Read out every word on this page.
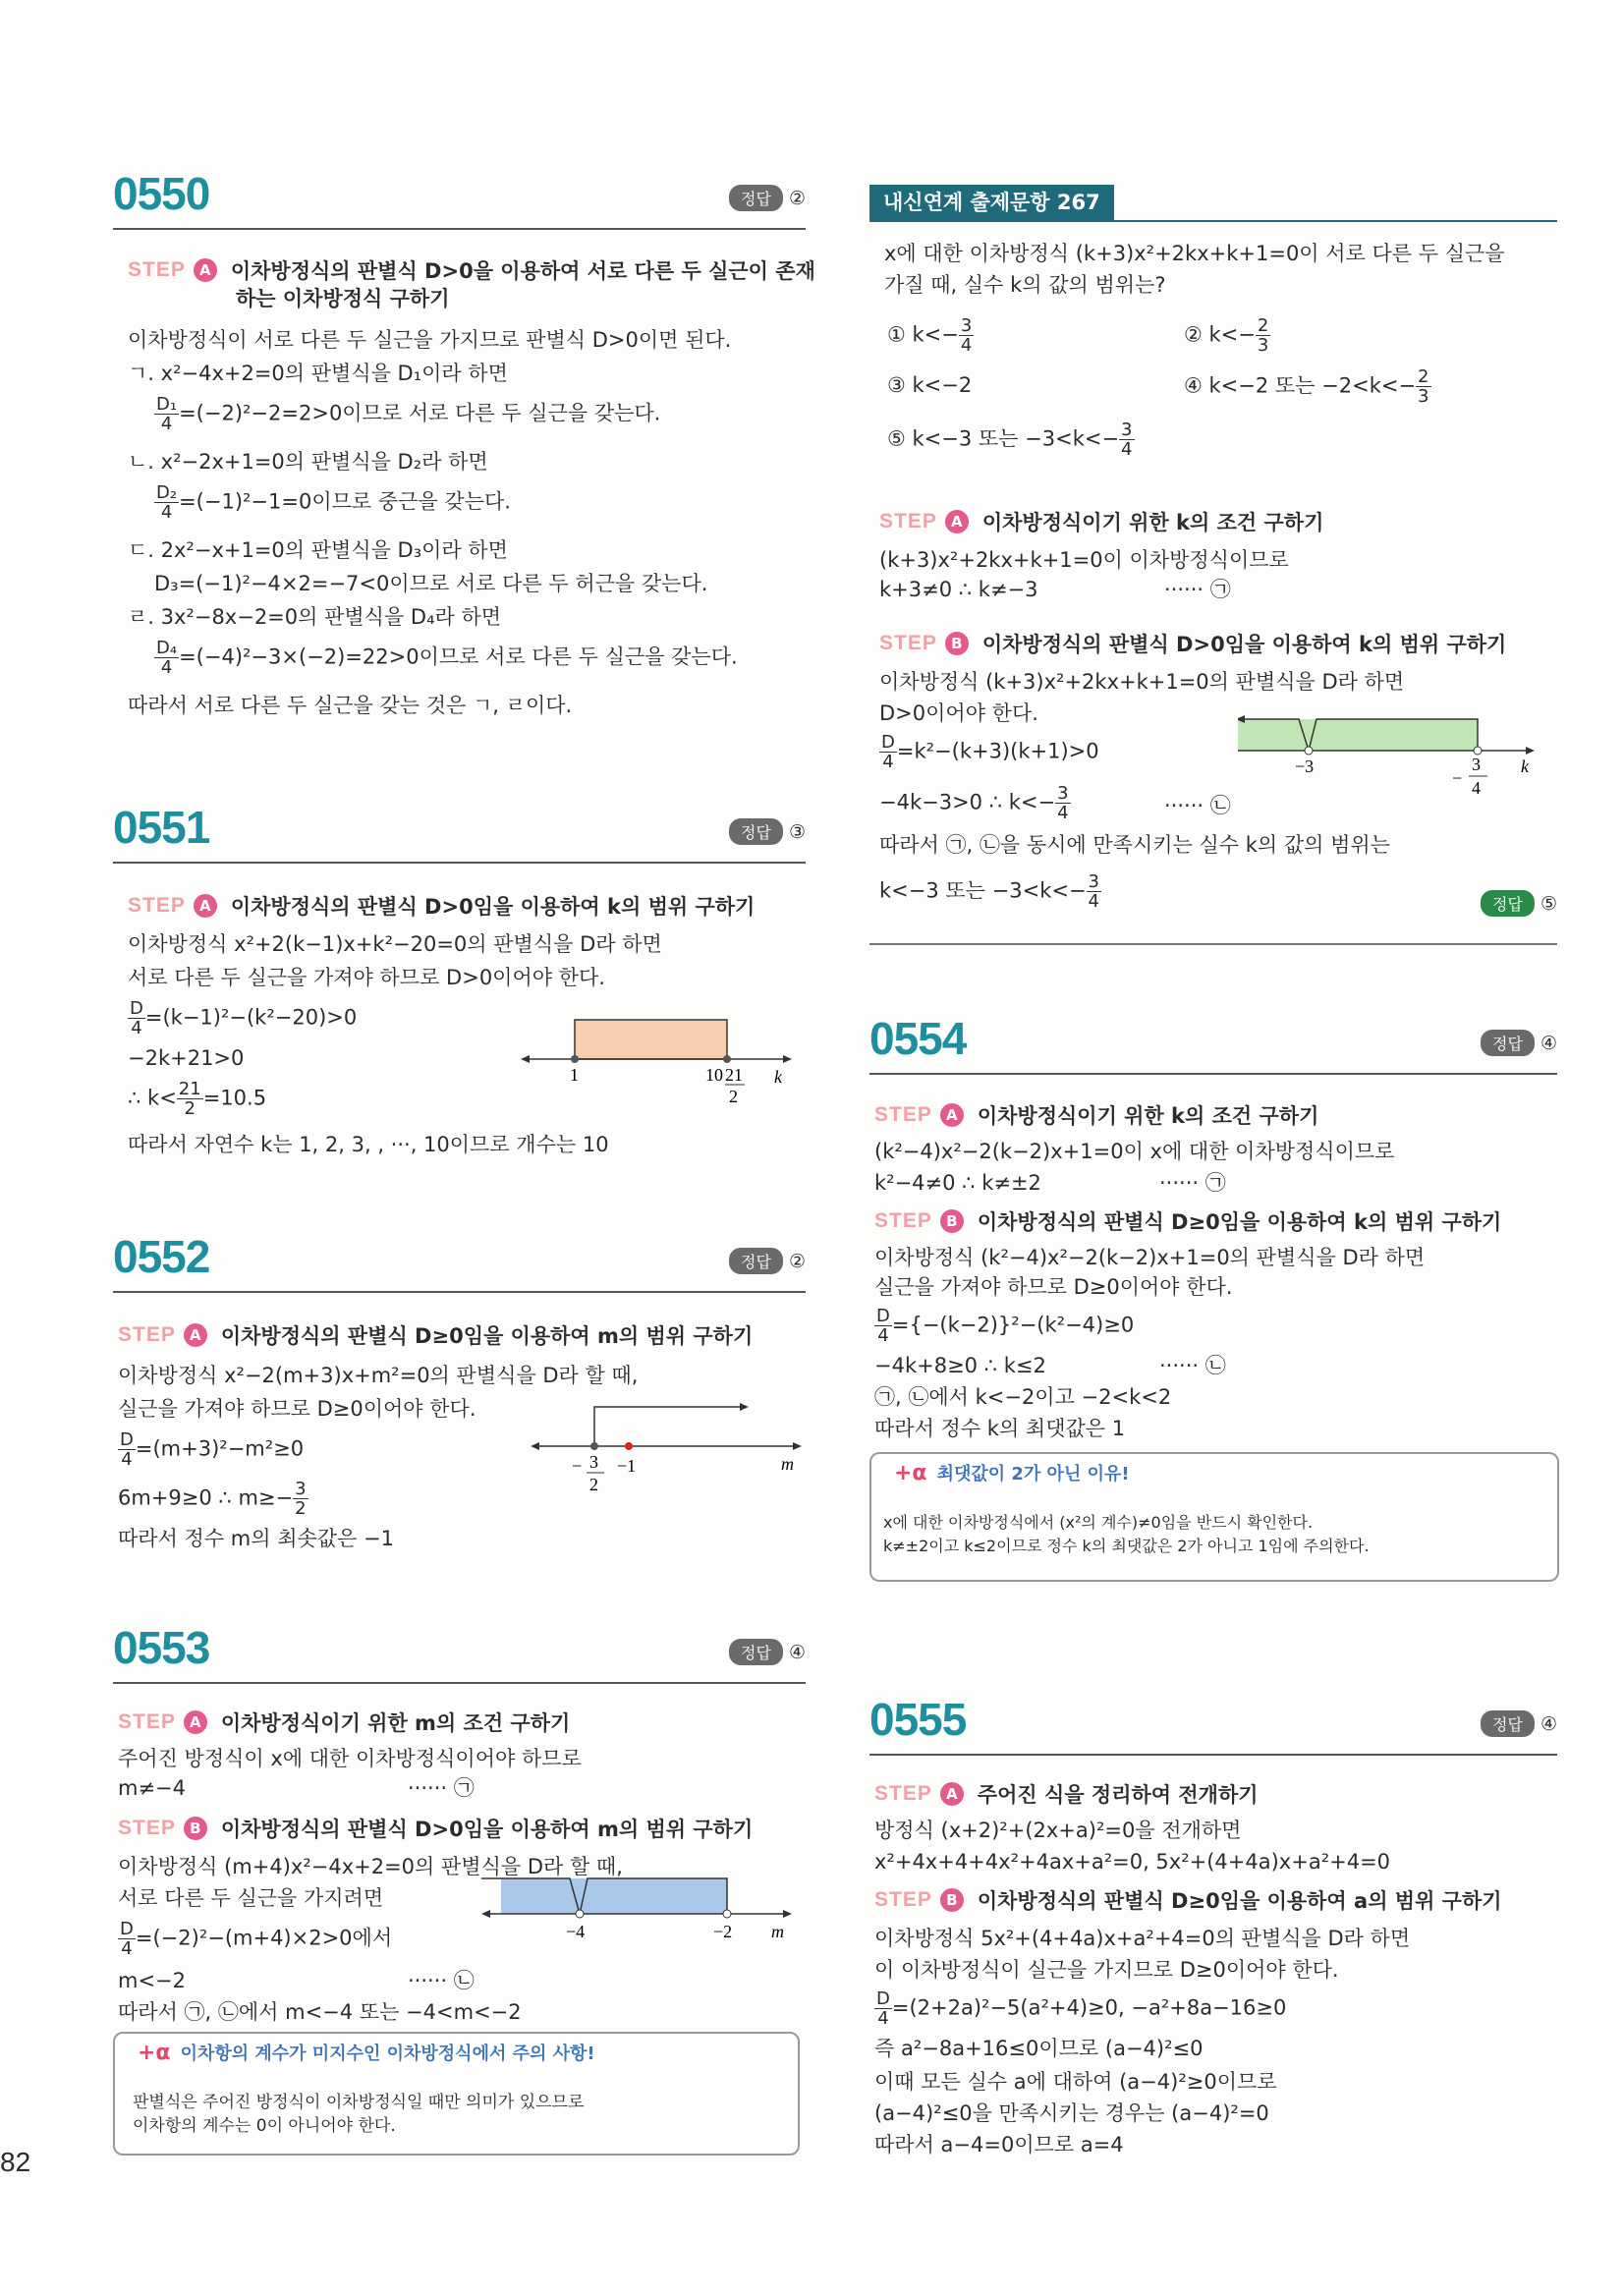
0550	정답 ②
STEP A 이차방정식의 판별식 D>0을 이용하여 서로 다른 두 실근이 존재
하는 이차방정식 구하기
이차방정식이 서로 다른 두 실근을 가지므로 판별식 D>0이면 된다.
ㄱ. x²−4x+2=0의 판별식을 D₁이라 하면
$\frac{\text{D₁}}{4} =(-2)^2-2=2>0$이므로 서로 다른 두 실근을 갖는다.
ㄴ. x²−2x+1=0의 판별식을 D₂라 하면
$\frac{\text{D₂}}{4} =(-1)^2-1=0$이므로 중근을 갖는다.
ㄷ. 2x²−x+1=0의 판별식을 D₃이라 하면
D₃=(−1)²−4×2=−7<0이므로 서로 다른 두 허근을 갖는다.
ㄹ. 3x²−8x−2=0의 판별식을 D₄라 하면
$\frac{\text{D₄}}{4} =(-4)^2-3\times(-2)=22>0$이므로 서로 다른 두 실근을 갖는다.
따라서 서로 다른 두 실근을 갖는 것은 ㄱ, ㄹ이다.
0551	정답 ③
STEP A 이차방정식의 판별식 D>0임을 이용하여 k의 범위 구하기
이차방정식 x²+2(k−1)x+k²−20=0의 판별식을 D라 하면
서로 다른 두 실근을 가져야 하므로 D>0이어야 한다.
$\frac{D}{4} =(k-1)^2-(k^2-20)>0$
−2k+21>0
∴ $k< \frac{21}{2} =10.5$
따라서 자연수 k는 1, 2, 3, , ···, 10이므로 개수는 10
1	10 21
2
k
0552	정답 ②
STEP A 이차방정식의 판별식 D≥0임을 이용하여 m의 범위 구하기
이차방정식 x²−2(m+3)x+m²=0의 판별식을 D라 할 때,
실근을 가져야 하므로 D≥0이어야 한다.
$\frac{D}{4} =(m+3)^2-m^2\ge 0$
6m+9≥0 ∴ $m\ge- \frac{3}{2}$
따라서 정수 m의 최솟값은 −1
− 3
2
−1	m
0553	정답 ④
STEP A 이차방정식이기 위한 m의 조건 구하기
주어진 방정식이 x에 대한 이차방정식이어야 하므로
m≠−4	······ ㉠
STEP B 이차방정식의 판별식 D>0임을 이용하여 m의 범위 구하기
이차방정식 (m+4)x²−4x+2=0의 판별식을 D라 할 때,
서로 다른 두 실근을 가지려면
$\frac{D}{4} =(-2)^2-(m+4)\times 2>0$에서
m<−2	······ ㉡
따라서 ㉠, ㉡에서 m<−4 또는 −4<m<−2
−4	−2 m
+α 이차항의 계수가 미지수인 이차방정식에서 주의 사항!
판별식은 주어진 방정식이 이차방정식일 때만 의미가 있으므로
이차항의 계수는 0이 아니어야 한다.
82
내신연계 출제문항 267
x에 대한 이차방정식 (k+3)x²+2kx+k+1=0이 서로 다른 두 실근을
가질 때, 실수 k의 값의 범위는?
① $k<- \frac{3}{4}$	② $k<- \frac{2}{3}$
③ k<−2	④ k<−2 또는 $-2<k<- \frac{2}{3}$
⑤ k<−3 또는 $-3<k<- \frac{3}{4}$
STEP A 이차방정식이기 위한 k의 조건 구하기
(k+3)x²+2kx+k+1=0이 이차방정식이므로
k+3≠0 ∴ k≠−3	······ ㉠
STEP B 이차방정식의 판별식 D>0임을 이용하여 k의 범위 구하기
이차방정식 (k+3)x²+2kx+k+1=0의 판별식을 D라 하면
D>0이어야 한다.
$\frac{D}{4} =k^2-(k+3)(k+1)>0$
−4k−3>0 ∴ $k<- \frac{3}{4}$	······ ㉡
따라서 ㉠, ㉡을 동시에 만족시키는 실수 k의 값의 범위는
k<−3 또는 $-3<k<- \frac{3}{4}$	정답 ⑤
−3
−
3
4
k
0554	정답 ④
STEP A 이차방정식이기 위한 k의 조건 구하기
(k²−4)x²−2(k−2)x+1=0이 x에 대한 이차방정식이므로
k²−4≠0 ∴ k≠±2	······ ㉠
STEP B 이차방정식의 판별식 D≥0임을 이용하여 k의 범위 구하기
이차방정식 (k²−4)x²−2(k−2)x+1=0의 판별식을 D라 하면
실근을 가져야 하므로 D≥0이어야 한다.
$\frac{D}{4} =\{-(k-2)\}^2-(k^2-4)\ge 0$
−4k+8≥0 ∴ k≤2	······ ㉡
㉠, ㉡에서 k<−2이고 −2<k<2
따라서 정수 k의 최댓값은 1
+α 최댓값이 2가 아닌 이유!
x에 대한 이차방정식에서 (x²의 계수)≠0임을 반드시 확인한다.
k≠±2이고 k≤2이므로 정수 k의 최댓값은 2가 아니고 1임에 주의한다.
0555	정답 ④
STEP A 주어진 식을 정리하여 전개하기
방정식 (x+2)²+(2x+a)²=0을 전개하면
x²+4x+4+4x²+4ax+a²=0, 5x²+(4+4a)x+a²+4=0
STEP B 이차방정식의 판별식 D≥0임을 이용하여 a의 범위 구하기
이차방정식 5x²+(4+4a)x+a²+4=0의 판별식을 D라 하면
이 이차방정식이 실근을 가지므로 D≥0이어야 한다.
$\frac{D}{4} =(2+2a)^2-5(a^2+4)\ge 0$, −a²+8a−16≥0
즉 a²−8a+16≤0이므로 (a−4)²≤0
이때 모든 실수 a에 대하여 (a−4)²≥0이므로
(a−4)²≤0을 만족시키는 경우는 (a−4)²=0
따라서 a−4=0이므로 a=4
